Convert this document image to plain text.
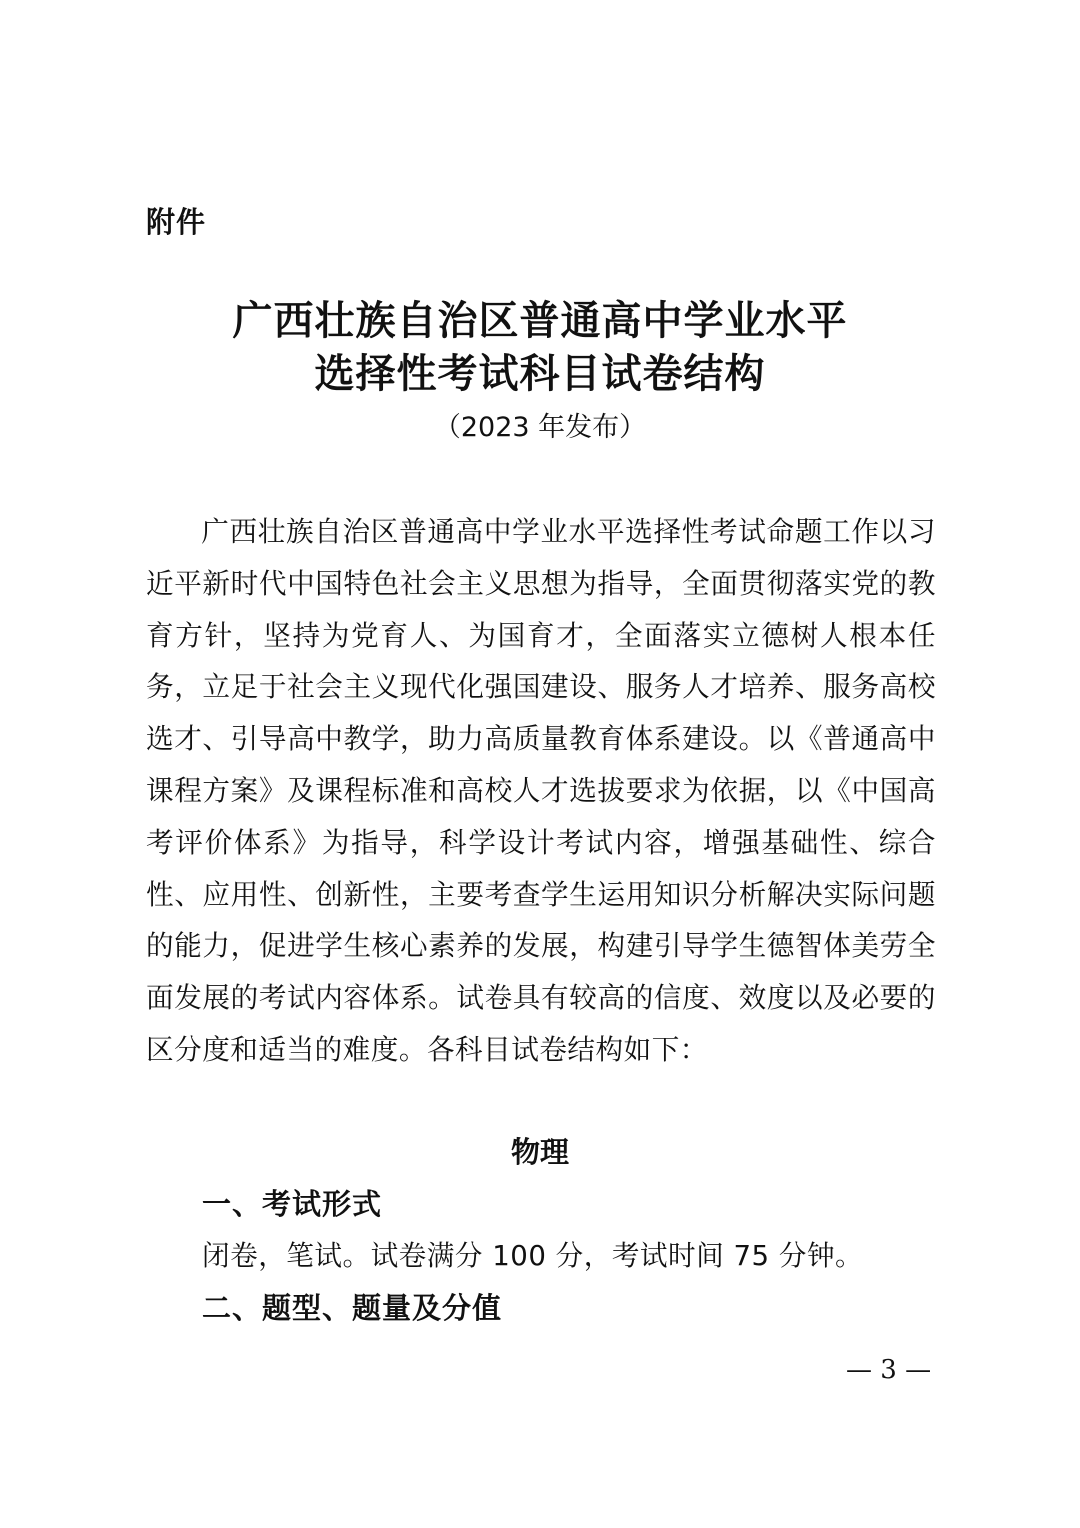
附件
广西壮族自治区普通高中学业水平
选择性考试科目试卷结构
（2023 年发布）
广西壮族自治区普通高中学业水平选择性考试命题工作以习近平新时代中国特色社会主义思想为指导，全面贯彻落实党的教育方针，坚持为党育人、为国育才，全面落实立德树人根本任务，立足于社会主义现代化强国建设、服务人才培养、服务高校选才、引导高中教学，助力高质量教育体系建设。以《普通高中课程方案》及课程标准和高校人才选拔要求为依据，以《中国高考评价体系》为指导，科学设计考试内容，增强基础性、综合性、应用性、创新性，主要考查学生运用知识分析解决实际问题的能力，促进学生核心素养的发展，构建引导学生德智体美劳全面发展的考试内容体系。试卷具有较高的信度、效度以及必要的区分度和适当的难度。各科目试卷结构如下：
物理
一、考试形式
闭卷，笔试。试卷满分 100 分，考试时间 75 分钟。
二、题型、题量及分值
— 3 —
